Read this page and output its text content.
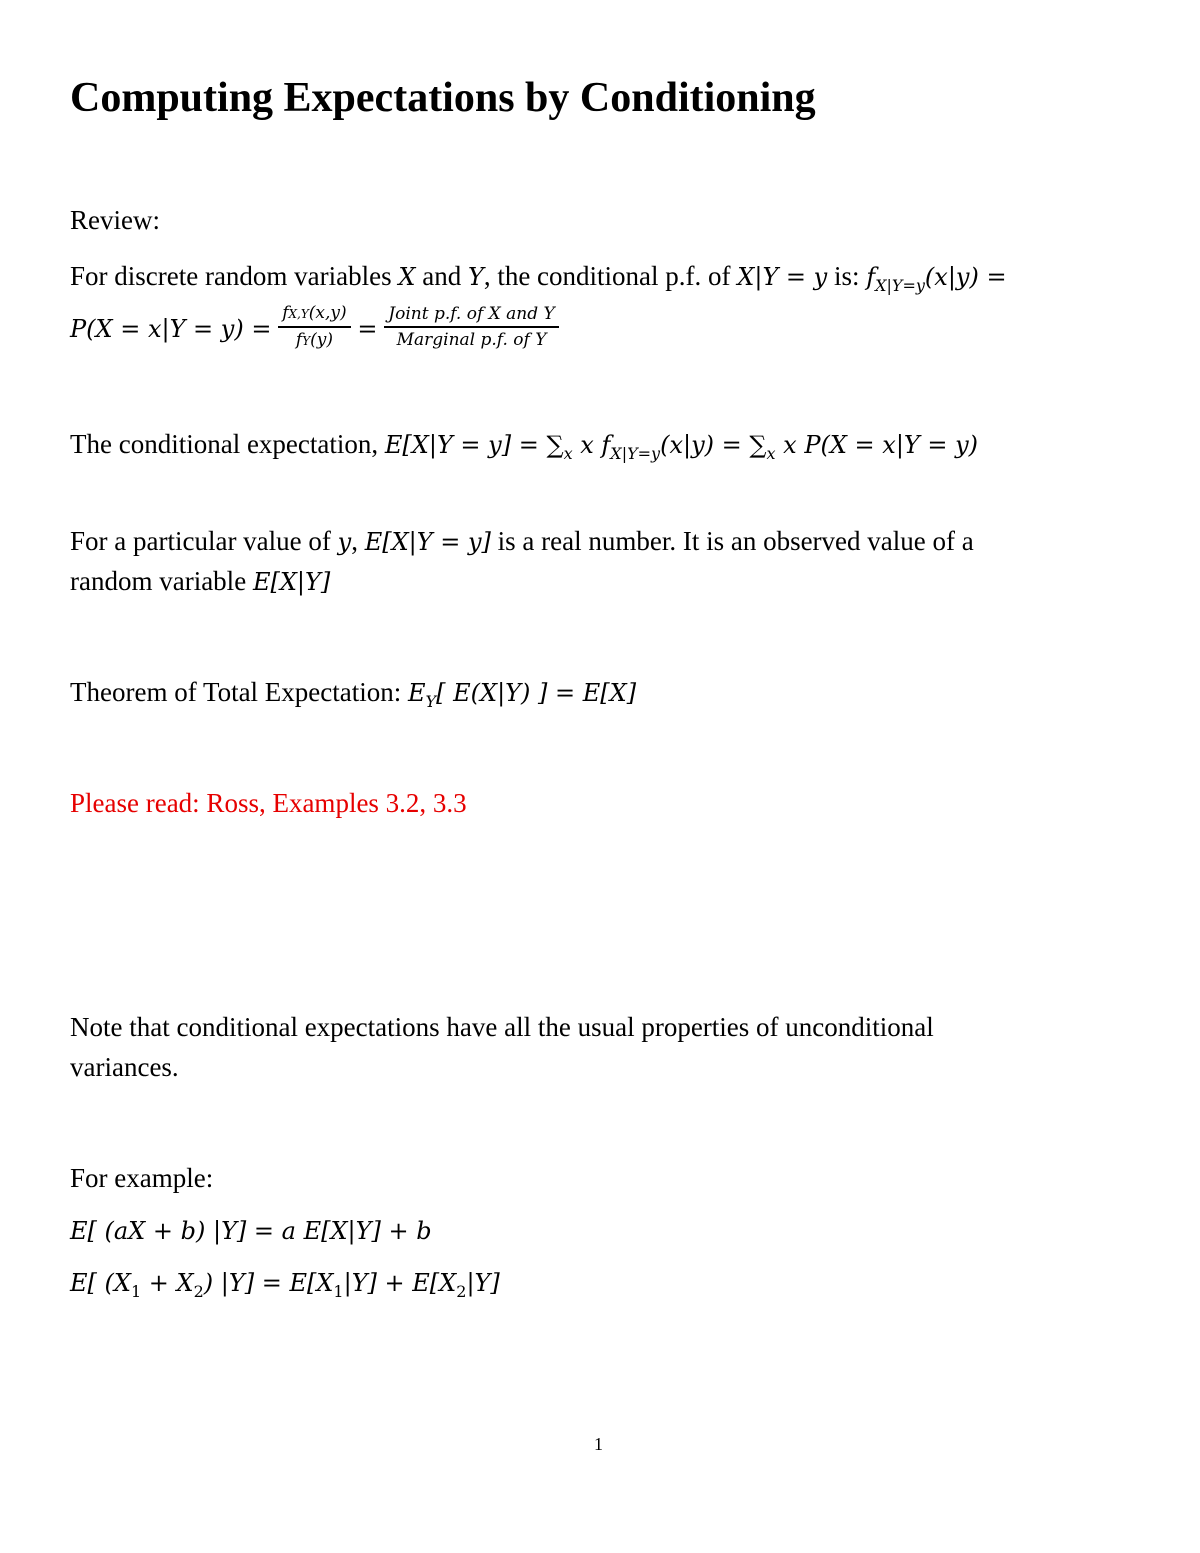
Computing Expectations by Conditioning
Review:
For discrete random variables X and Y, the conditional p.f. of X|Y = y is: $f_{X|Y=y}(x|y)$ =
$P(X = x|Y = y) = \frac{fX,Y(x,y)}{fY(y)} = \frac{\text{Joint p.f. of X and Y}}{\text{Marginal p.f. of Y}}$
The conditional expectation, $E[X|Y = y] = \sum_x$ x $f_{X|Y=y}(x|y) = \sum_x$ x P(X = x|Y = y)
For a particular value of y, E[X|Y = y] is a real number. It is an observed value of a
random variable E[X|Y]
Theorem of Total Expectation: $E_Y$[ E(X|Y) ] = E[X]
Please read: Ross, Examples 3.2, 3.3
Note that conditional expectations have all the usual properties of unconditional
variances.
For example:
E[ (aX + b) |Y] = a E[X|Y] + b
E[ $(X_1 + X_2) |Y] = E[X_1|Y] + E[X_2|Y]$
1
